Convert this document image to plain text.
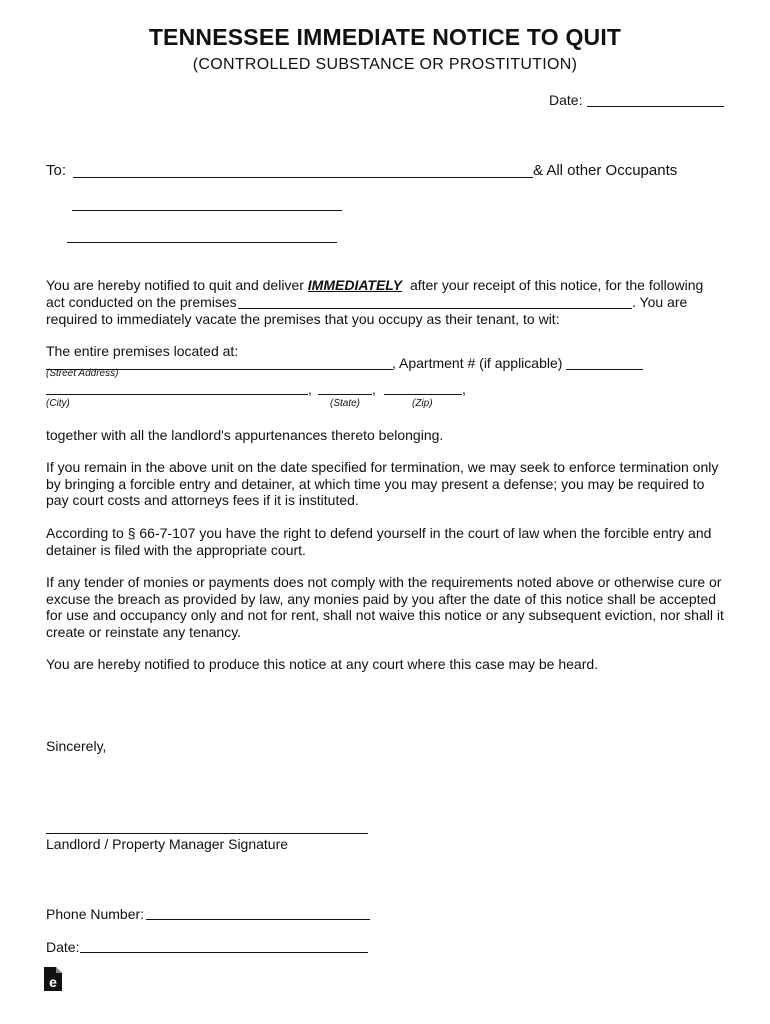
TENNESSEE IMMEDIATE NOTICE TO QUIT
(CONTROLLED SUBSTANCE OR PROSTITUTION)
Date:
To:	& All other Occupants
You are hereby notified to quit and deliver IMMEDIATELY after your receipt of this notice, for the following
act conducted on the premises	. You are
required to immediately vacate the premises that you occupy as their tenant, to wit:
The entire premises located at:
, Apartment # (if applicable)
(Street Address)
,	,	,
(City)	(State)	(Zip)

together with all the landlord's appurtenances thereto belonging.

If you remain in the above unit on the date specified for termination, we may seek to enforce termination only by bringing a forcible entry and detainer, at which time you may present a defense; you may be required to pay court costs and attorneys fees if it is instituted.

According to § 66-7-107 you have the right to defend yourself in the court of law when the forcible entry and detainer is filed with the appropriate court.

If any tender of monies or payments does not comply with the requirements noted above or otherwise cure or excuse the breach as provided by law, any monies paid by you after the date of this notice shall be accepted for use and occupancy only and not for rent, shall not waive this notice or any subsequent eviction, nor shall it create or reinstate any tenancy.

You are hereby notified to produce this notice at any court where this case may be heard.

Sincerely,
Landlord / Property Manager Signature
Phone Number:
Date:
e
